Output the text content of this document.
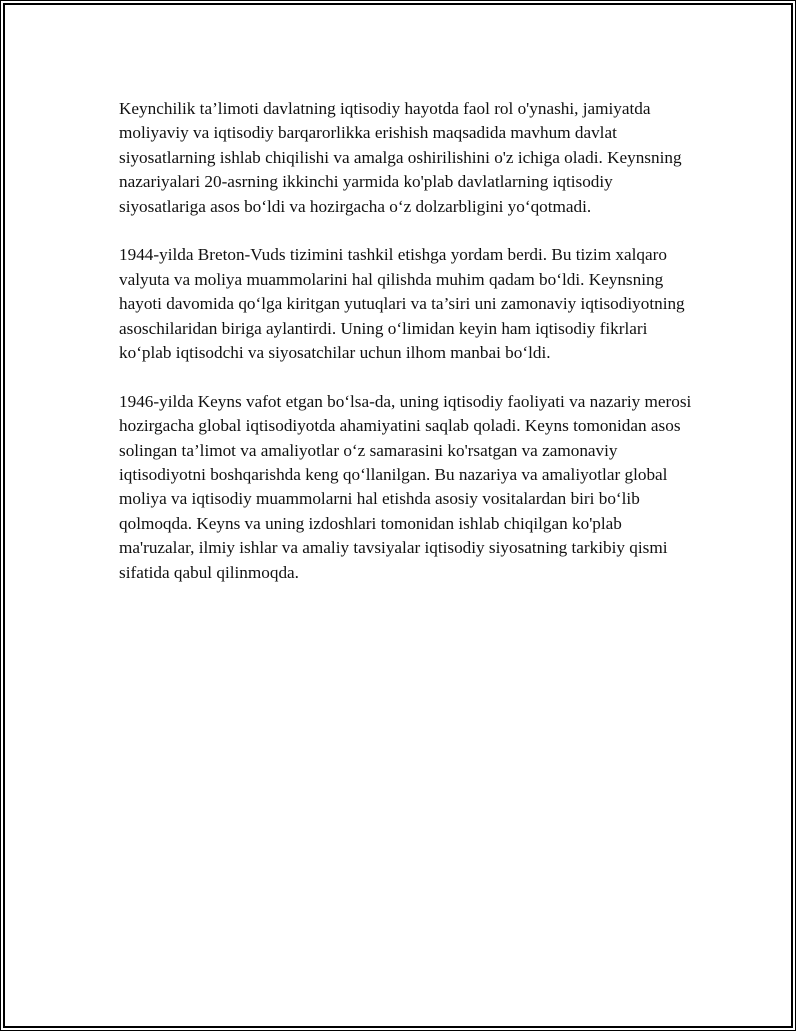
Keynchilik ta’limoti davlatning iqtisodiy hayotda faol rol o'ynashi, jamiyatda moliyaviy va iqtisodiy barqarorlikka erishish maqsadida mavhum davlat siyosatlarning ishlab chiqilishi va amalga oshirilishini o'z ichiga oladi. Keynsning nazariyalari 20-asrning ikkinchi yarmida ko'plab davlatlarning iqtisodiy siyosatlariga asos bo‘ldi va hozirgacha o‘z dolzarbligini yo‘qotmadi.

1944-yilda Breton-Vuds tizimini tashkil etishga yordam berdi. Bu tizim xalqaro valyuta va moliya muammolarini hal qilishda muhim qadam bo‘ldi. Keynsning hayoti davomida qo‘lga kiritgan yutuqlari va ta’siri uni zamonaviy iqtisodiyotning asoschilaridan biriga aylantirdi. Uning o‘limidan keyin ham iqtisodiy fikrlari ko‘plab iqtisodchi va siyosatchilar uchun ilhom manbai bo‘ldi.

1946-yilda Keyns vafot etgan bo‘lsa-da, uning iqtisodiy faoliyati va nazariy merosi hozirgacha global iqtisodiyotda ahamiyatini saqlab qoladi. Keyns tomonidan asos solingan ta’limot va amaliyotlar o‘z samarasini ko'rsatgan va zamonaviy iqtisodiyotni boshqarishda keng qo‘llanilgan. Bu nazariya va amaliyotlar global moliya va iqtisodiy muammolarni hal etishda asosiy vositalardan biri bo‘lib qolmoqda. Keyns va uning izdoshlari tomonidan ishlab chiqilgan ko'plab ma'ruzalar, ilmiy ishlar va amaliy tavsiyalar iqtisodiy siyosatning tarkibiy qismi sifatida qabul qilinmoqda.
